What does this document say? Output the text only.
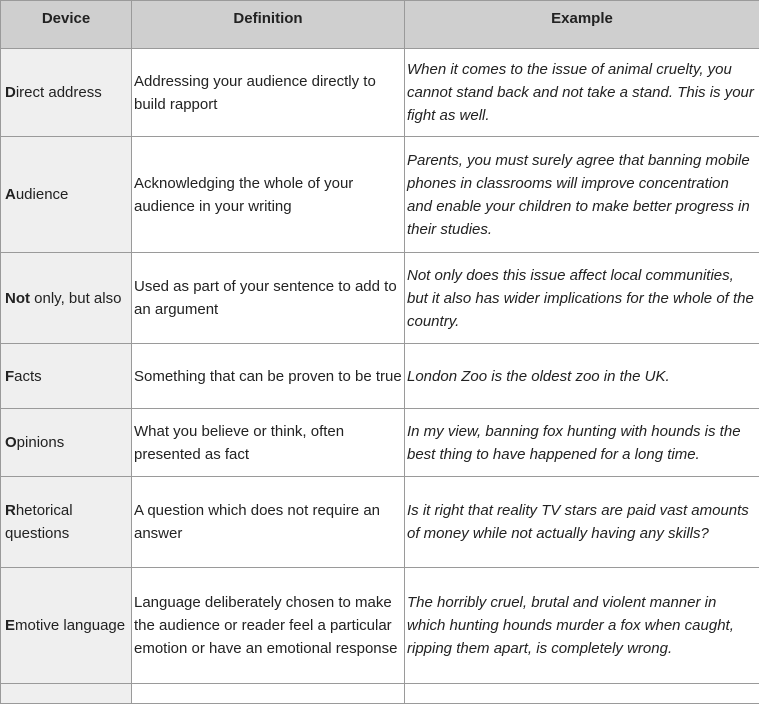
Device	Definition	Example
Direct address	Addressing your audience directly to build rapport	When it comes to the issue of animal cruelty, you cannot stand back and not take a stand. This is your fight as well.
Audience	Acknowledging the whole of your audience in your writing	Parents, you must surely agree that banning mobile phones in classrooms will improve concentration and enable your children to make better progress in their studies.
Not only, but also	Used as part of your sentence to add to an argument	Not only does this issue affect local communities, but it also has wider implications for the whole of the country.
Facts	Something that can be proven to be true	London Zoo is the oldest zoo in the UK.
Opinions	What you believe or think, often presented as fact	In my view, banning fox hunting with hounds is the best thing to have happened for a long time.
Rhetorical questions	A question which does not require an answer	Is it right that reality TV stars are paid vast amounts of money while not actually having any skills?
Emotive language	Language deliberately chosen to make the audience or reader feel a particular emotion or have an emotional response	The horribly cruel, brutal and violent manner in which hunting hounds murder a fox when caught, ripping them apart, is completely wrong.
